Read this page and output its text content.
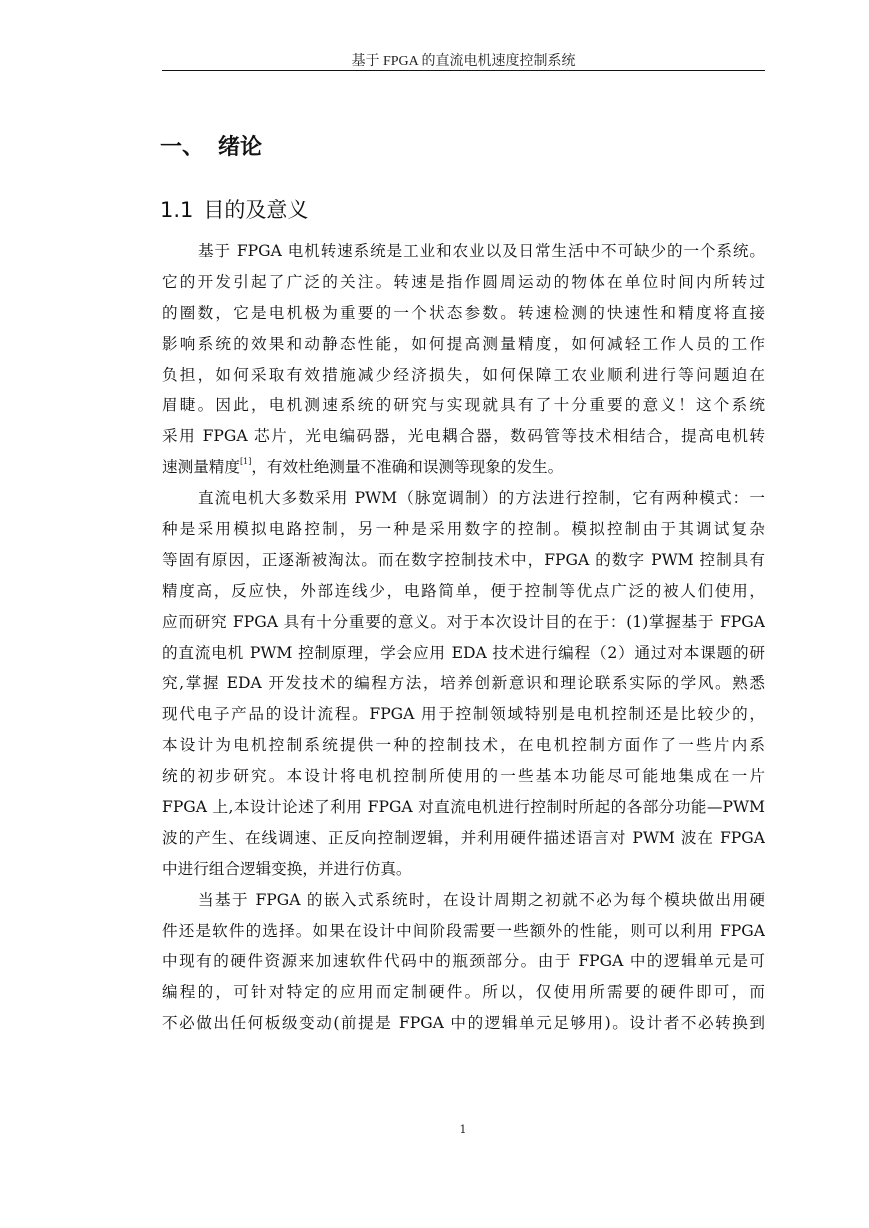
基于 FPGA 的直流电机速度控制系统
一、 绪论
1.1 目的及意义
基于 FPGA 电机转速系统是工业和农业以及日常生活中不可缺少的一个系统。
它的开发引起了广泛的关注。转速是指作圆周运动的物体在单位时间内所转过
的圈数，它是电机极为重要的一个状态参数。转速检测的快速性和精度将直接
影响系统的效果和动静态性能，如何提高测量精度，如何减轻工作人员的工作
负担，如何采取有效措施减少经济损失，如何保障工农业顺利进行等问题迫在
眉睫。因此，电机测速系统的研究与实现就具有了十分重要的意义！这个系统
采用 FPGA 芯片，光电编码器，光电耦合器，数码管等技术相结合，提高电机转
速测量精度[1]，有效杜绝测量不准确和误测等现象的发生。
直流电机大多数采用 PWM（脉宽调制）的方法进行控制，它有两种模式：一
种是采用模拟电路控制，另一种是采用数字的控制。模拟控制由于其调试复杂
等固有原因，正逐渐被淘汰。而在数字控制技术中，FPGA 的数字 PWM 控制具有
精度高，反应快，外部连线少，电路简单，便于控制等优点广泛的被人们使用，
应而研究 FPGA 具有十分重要的意义。对于本次设计目的在于：(1)掌握基于 FPGA
的直流电机 PWM 控制原理，学会应用 EDA 技术进行编程（2）通过对本课题的研
究,掌握 EDA 开发技术的编程方法，培养创新意识和理论联系实际的学风。熟悉
现代电子产品的设计流程。FPGA 用于控制领域特别是电机控制还是比较少的，
本设计为电机控制系统提供一种的控制技术，在电机控制方面作了一些片内系
统的初步研究。本设计将电机控制所使用的一些基本功能尽可能地集成在一片
FPGA 上,本设计论述了利用 FPGA 对直流电机进行控制时所起的各部分功能—PWM
波的产生、在线调速、正反向控制逻辑，并利用硬件描述语言对 PWM 波在 FPGA
中进行组合逻辑变换，并进行仿真。
当基于 FPGA 的嵌入式系统时，在设计周期之初就不必为每个模块做出用硬
件还是软件的选择。如果在设计中间阶段需要一些额外的性能，则可以利用 FPGA
中现有的硬件资源来加速软件代码中的瓶颈部分。由于 FPGA 中的逻辑单元是可
编程的，可针对特定的应用而定制硬件。所以，仅使用所需要的硬件即可，而
不必做出任何板级变动(前提是 FPGA 中的逻辑单元足够用)。设计者不必转换到
1
